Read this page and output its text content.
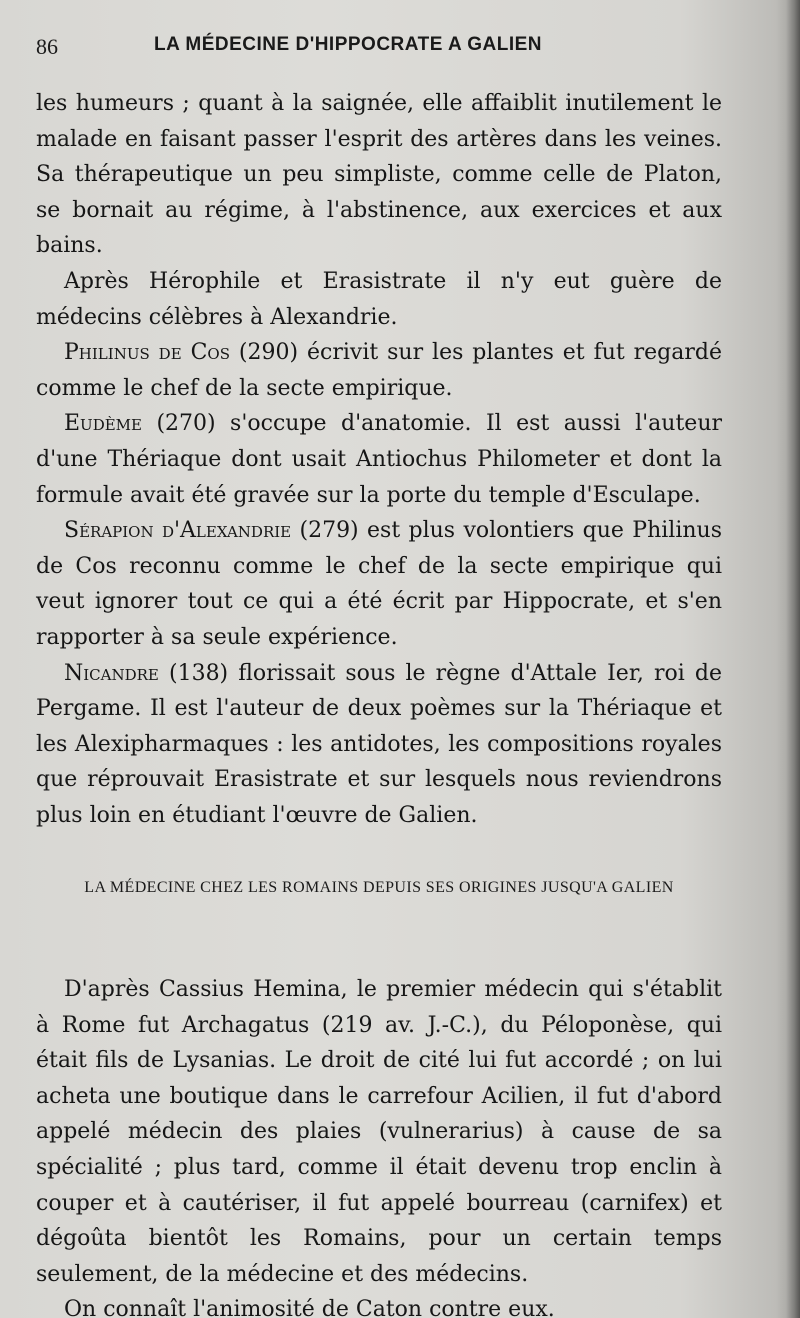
86	LA MÉDECINE D'HIPPOCRATE A GALIEN

les humeurs ; quant à la saignée, elle affaiblit inutilement le malade en faisant passer l'esprit des artères dans les veines. Sa thérapeutique un peu simpliste, comme celle de Platon, se bornait au régime, à l'abstinence, aux exercices et aux bains.

Après Hérophile et Erasistrate il n'y eut guère de médecins célèbres à Alexandrie.

Philinus de Cos (290) écrivit sur les plantes et fut regardé comme le chef de la secte empirique.

Eudème (270) s'occupe d'anatomie. Il est aussi l'auteur d'une Thériaque dont usait Antiochus Philometer et dont la formule avait été gravée sur la porte du temple d'Esculape.

Sérapion d'Alexandrie (279) est plus volontiers que Philinus de Cos reconnu comme le chef de la secte empirique qui veut ignorer tout ce qui a été écrit par Hippocrate, et s'en rapporter à sa seule expérience.

Nicandre (138) florissait sous le règne d'Attale Ier, roi de Pergame. Il est l'auteur de deux poèmes sur la Thériaque et les Alexipharmaques : les antidotes, les compositions royales que réprouvait Erasistrate et sur lesquels nous reviendrons plus loin en étudiant l'œuvre de Galien.

LA MÉDECINE CHEZ LES ROMAINS DEPUIS SES ORIGINES JUSQU'A GALIEN

D'après Cassius Hemina, le premier médecin qui s'établit à Rome fut Archagatus (219 av. J.-C.), du Péloponèse, qui était fils de Lysanias. Le droit de cité lui fut accordé ; on lui acheta une boutique dans le carrefour Acilien, il fut d'abord appelé médecin des plaies (vulnerarius) à cause de sa spécialité ; plus tard, comme il était devenu trop enclin à couper et à cautériser, il fut appelé bourreau (carnifex) et dégoûta bientôt les Romains, pour un certain temps seulement, de la médecine et des médecins.

On connaît l'animosité de Caton contre eux.
